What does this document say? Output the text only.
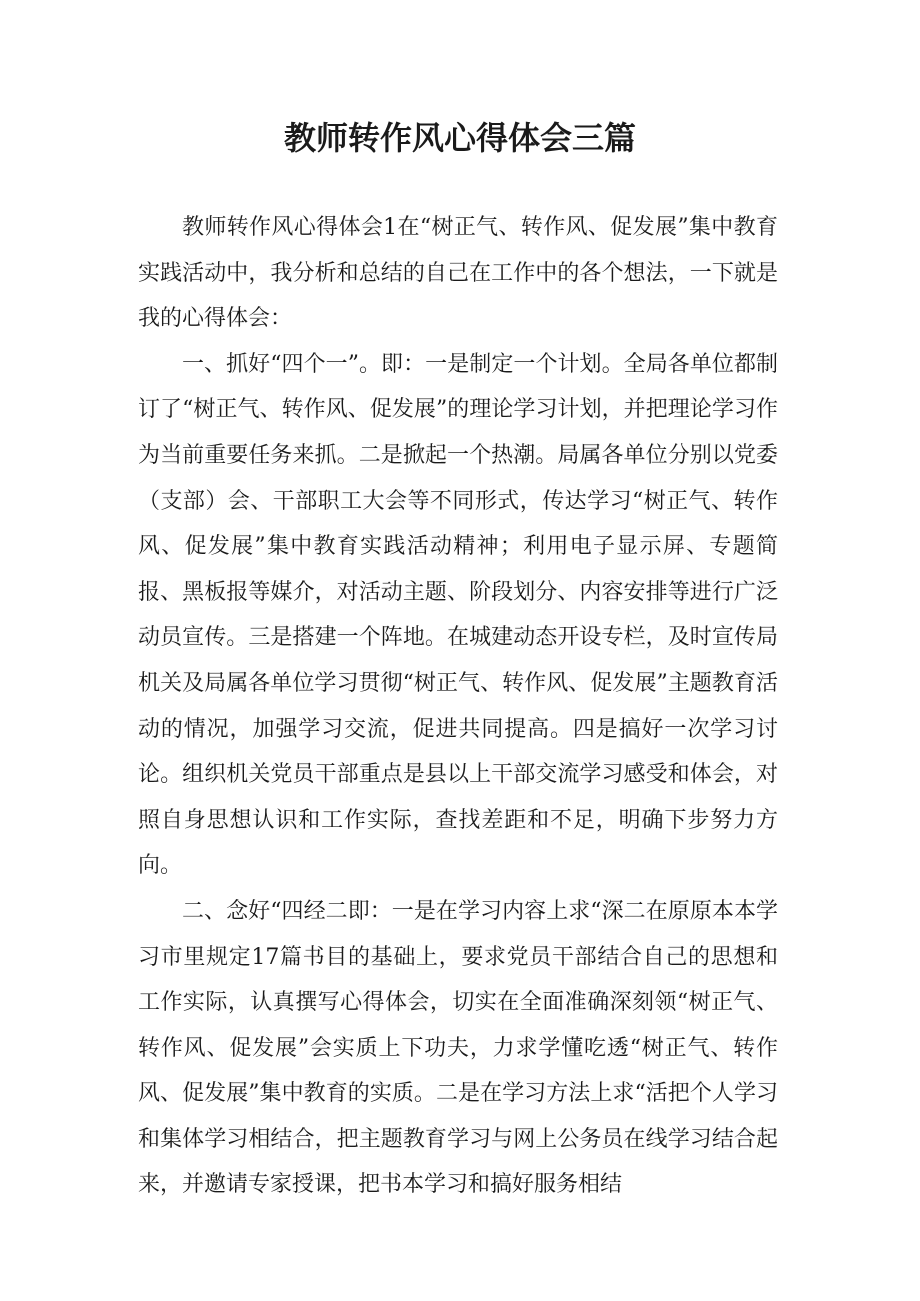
教师转作风心得体会三篇

教师转作风心得体会1在“树正气、转作风、促发展”集中教育实践活动中，我分析和总结的自己在工作中的各个想法，一下就是我的心得体会：

一、抓好“四个一”。即：一是制定一个计划。全局各单位都制订了“树正气、转作风、促发展”的理论学习计划，并把理论学习作为当前重要任务来抓。二是掀起一个热潮。局属各单位分别以党委（支部）会、干部职工大会等不同形式，传达学习“树正气、转作风、促发展”集中教育实践活动精神；利用电子显示屏、专题简报、黑板报等媒介，对活动主题、阶段划分、内容安排等进行广泛动员宣传。三是搭建一个阵地。在城建动态开设专栏，及时宣传局机关及局属各单位学习贯彻“树正气、转作风、促发展”主题教育活动的情况，加强学习交流，促进共同提高。四是搞好一次学习讨论。组织机关党员干部重点是县以上干部交流学习感受和体会，对照自身思想认识和工作实际，查找差距和不足，明确下步努力方向。

二、念好“四经二即：一是在学习内容上求“深二在原原本本学习市里规定17篇书目的基础上，要求党员干部结合自己的思想和工作实际，认真撰写心得体会，切实在全面准确深刻领“树正气、转作风、促发展”会实质上下功夫，力求学懂吃透“树正气、转作风、促发展”集中教育的实质。二是在学习方法上求“活把个人学习和集体学习相结合，把主题教育学习与网上公务员在线学习结合起来，并邀请专家授课，把书本学习和搞好服务相结
